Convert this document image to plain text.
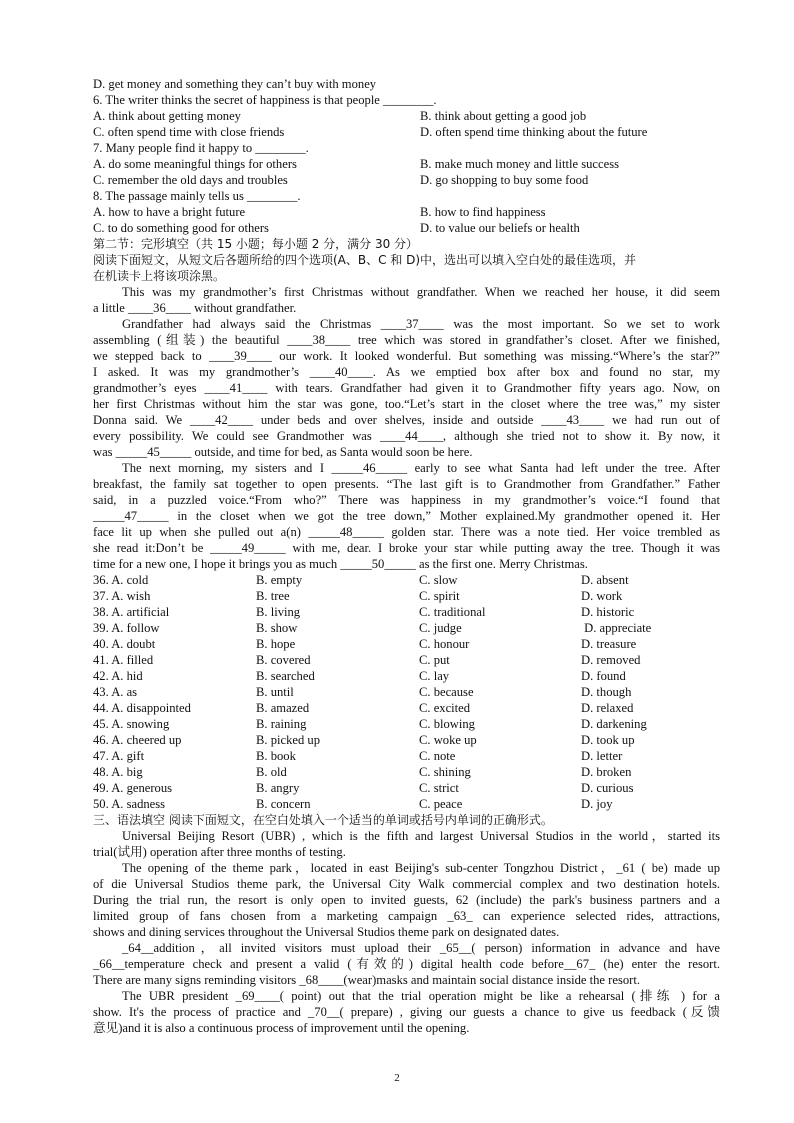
D. get money and something they can’t buy with money
6. The writer thinks the secret of happiness is that people ________.
A. think about getting money	B. think about getting a good job
C. often spend time with close friends	D. often spend time thinking about the future
7. Many people find it happy to ________.
A. do some meaningful things for others	B. make much money and little success
C. remember the old days and troubles	D. go shopping to buy some food
8. The passage mainly tells us ________.
A. how to have a bright future	B. how to find happiness
C. to do something good for others	D. to value our beliefs or health
第二节：完形填空（共 15 小题；每小题 2 分，满分 30 分）
阅读下面短文，从短文后各题所给的四个选项(A、B、C 和 D)中，选出可以填入空白处的最佳选项，并
在机读卡上将该项涂黑。
This was my grandmother’s first Christmas without grandfather. When we reached her house, it did seem
a little ____36____ without grandfather.
Grandfather had always said the Christmas ____37____ was the most important. So we set to work
assembling (组装) the beautiful ____38____ tree which was stored in grandfather’s closet. After we finished,
we stepped back to ____39____ our work. It looked wonderful. But something was missing.“Where’s the star?”
I asked. It was my grandmother’s ____40____. As we emptied box after box and found no star, my
grandmother’s eyes ____41____ with tears. Grandfather had given it to Grandmother fifty years ago. Now, on
her first Christmas without him the star was gone, too.“Let’s start in the closet where the tree was,” my sister
Donna said. We ____42____ under beds and over shelves, inside and outside ____43____ we had run out of
every possibility. We could see Grandmother was ____44____, although she tried not to show it. By now, it
was _____45_____ outside, and time for bed, as Santa would soon be here.
The next morning, my sisters and I _____46_____ early to see what Santa had left under the tree. After
breakfast, the family sat together to open presents. “The last gift is to Grandmother from Grandfather.” Father
said, in a puzzled voice.“From who?” There was happiness in my grandmother’s voice.“I found that
_____47_____ in the closet when we got the tree down,” Mother explained.My grandmother opened it. Her
face lit up when she pulled out a(n) _____48_____ golden star. There was a note tied. Her voice trembled as
she read it:Don’t be _____49_____ with me, dear. I broke your star while putting away the tree. Though it was
time for a new one, I hope it brings you as much _____50_____ as the first one. Merry Christmas.
36. A. cold	B. empty	C. slow	D. absent
37. A. wish	B. tree	C. spirit	D. work
38. A. artificial	B. living	C. traditional	D. historic
39. A. follow	B. show	C. judge	D. appreciate
40. A. doubt	B. hope	C. honour	D. treasure
41. A. filled	B. covered	C. put	D. removed
42. A. hid	B. searched	C. lay	D. found
43. A. as	B. until	C. because	D. though
44. A. disappointed	B. amazed	C. excited	D. relaxed
45. A. snowing	B. raining	C. blowing	D. darkening
46. A. cheered up	B. picked up	C. woke up	D. took up
47. A. gift	B. book	C. note	D. letter
48. A. big	B. old	C. shining	D. broken
49. A. generous	B. angry	C. strict	D. curious
50. A. sadness	B. concern	C. peace	D. joy
三、语法填空 阅读下面短文，在空白处填入一个适当的单词或括号内单词的正确形式。
Universal Beijing Resort (UBR) , which is the fifth and largest Universal Studios in the world，started its
trial(试用) operation after three months of testing.
The opening of the theme park，located in east Beijing's sub-center Tongzhou District，_61 ( be) made up
of die Universal Studios theme park, the Universal City Walk commercial complex and two destination hotels.
During the trial run, the resort is only open to invited guests, 62 (include) the park's business partners and a
limited group of fans chosen from a marketing campaign _63_ can experience selected rides, attractions,
shows and dining services throughout the Universal Studios theme park on designated dates.
_64__addition，all invited visitors must upload their _65__( person) information in advance and have
_66__temperature check and present a valid (有效的) digital health code before__67_ (he) enter the resort.
There are many signs reminding visitors _68____(wear)masks and maintain social distance inside the resort.
The UBR president _69____( point) out that the trial operation might be like a rehearsal (排练 ) for a
show. It's the process of practice and _70__( prepare) , giving our guests a chance to give us feedback (反馈
意见)and it is also a continuous process of improvement until the opening.
2
